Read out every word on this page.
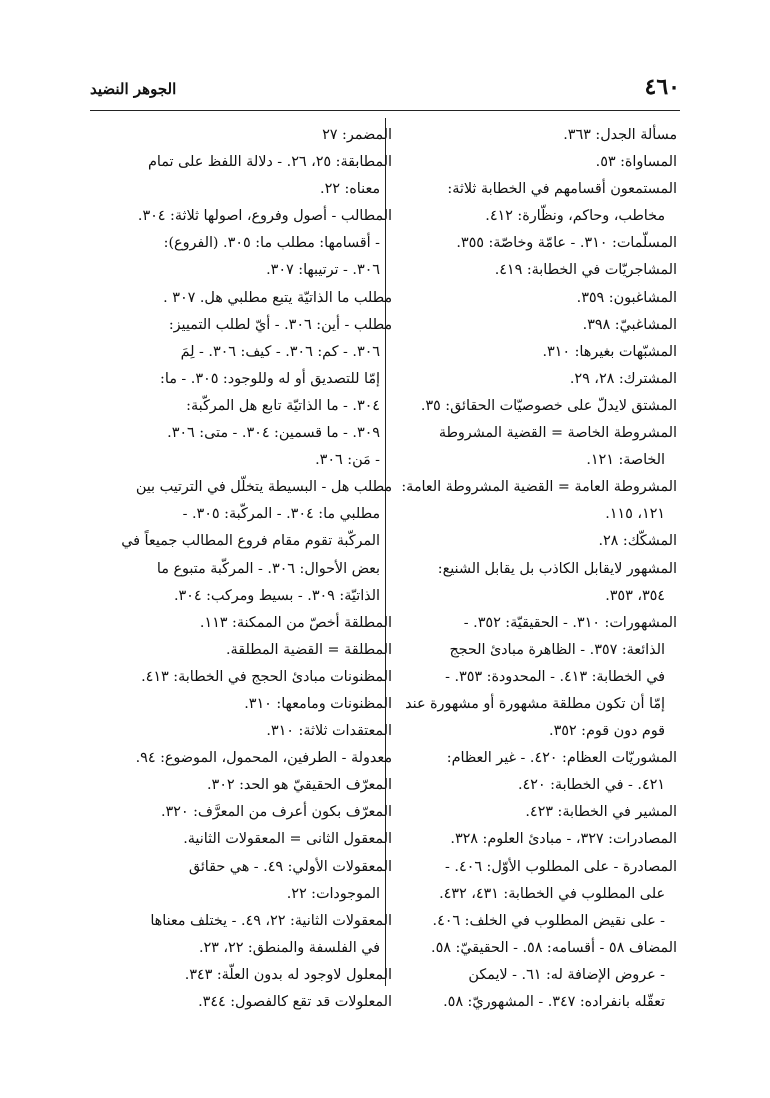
٤٦٠
الجوهر النضيد
مسألة الجدل: ٣٦٣.
المساواة: ٥٣.
المستمعون أقسامهم في الخطابة ثلاثة:
مخاطب، وحاكم، ونظّارة: ٤١٢.
المسلّمات: ٣١٠. - عامّة وخاصّة: ٣٥٥.
المشاجريّات في الخطابة: ٤١٩.
المشاغبون: ٣٥٩.
المشاغبيّ: ٣٩٨.
المشبّهات بغيرها: ٣١٠.
المشترك: ٢٨، ٢٩.
المشتق لايدلّ على خصوصيّات الحقائق: ٣٥.
المشروطة الخاصة = القضية المشروطة
الخاصة: ١٢١.
المشروطة العامة = القضية المشروطة العامة:
١٢١، ١١٥.
المشكّك: ٢٨.
المشهور لايقابل الكاذب بل يقابل الشنيع:
٣٥٤، ٣٥٣.
المشهورات: ٣١٠. - الحقيقيّة: ٣٥٢. -
الذائعة: ٣٥٧. - الظاهرة مبادئ الحجج
في الخطابة: ٤١٣. - المحدودة: ٣٥٣. -
إمّا أن تكون مطلقة مشهورة أو مشهورة عند
قوم دون قوم: ٣٥٢.
المشوريّات العظام: ٤٢٠. - غير العظام:
٤٢١. - في الخطابة: ٤٢٠.
المشير في الخطابة: ٤٢٣.
المصادرات: ٣٢٧، - مبادئ العلوم: ٣٢٨.
المصادرة - على المطلوب الأوّل: ٤٠٦. -
على المطلوب في الخطابة: ٤٣١، ٤٣٢.
- على نقيض المطلوب في الخلف: ٤٠٦.
المضاف ٥٨ - أقسامه: ٥٨. - الحقيقيّ: ٥٨.
- عروض الإضافة له: ٦١. - لايمكن
تعقّله بانفراده: ٣٤٧. - المشهوريّ: ٥٨.
المضمر: ٢٧
المطابقة: ٢٥، ٢٦. - دلالة اللفظ على تمام
معناه: ٢٢.
المطالب - أصول وفروع، اصولها ثلاثة: ٣٠٤.
- أقسامها: مطلب ما: ٣٠٥. (الفروع):
٣٠٦. - ترتيبها: ٣٠٧.
مطلب ما الذاتيّة يتبع مطلبي هل. ٣٠٧ .
مطلب - أين: ٣٠٦. - أيّ لطلب التمييز:
٣٠٦. - كم: ٣٠٦. - كيف: ٣٠٦. - لِمَ
إمّا للتصديق أو له وللوجود: ٣٠٥. - ما:
٣٠٤. - ما الذاتيّة تابع هل المركّبة:
٣٠٩. - ما قسمين: ٣٠٤. - متى: ٣٠٦.
- مَن: ٣٠٦.
مطلب هل - البسيطة يتخلّل في الترتيب بين
مطلبي ما: ٣٠٤. - المركّبة: ٣٠٥. -
المركّبة تقوم مقام فروع المطالب جميعاً في
بعض الأحوال: ٣٠٦. - المركّبة متبوع ما
الذاتيّة: ٣٠٩. - بسيط ومركب: ٣٠٤.
المطلقة أخصّ من الممكنة: ١١٣.
المطلقة = القضية المطلقة.
المظنونات مبادئ الحجج في الخطابة: ٤١٣.
المظنونات ومامعها: ٣١٠.
المعتقدات ثلاثة: ٣١٠.
معدولة - الطرفين، المحمول، الموضوع: ٩٤.
المعرّف الحقيقيّ هو الحد: ٣٠٢.
المعرّف بكون أعرف من المعرَّف: ٣٢٠.
المعقول الثانى = المعقولات الثانية.
المعقولات الأولي: ٤٩. - هي حقائق
الموجودات: ٢٢.
المعقولات الثانية: ٢٢، ٤٩. - يختلف معناها
في الفلسفة والمنطق: ٢٢، ٢٣.
المعلول لاوجود له بدون العلّة: ٣٤٣.
المعلولات قد تقع كالفصول: ٣٤٤.
